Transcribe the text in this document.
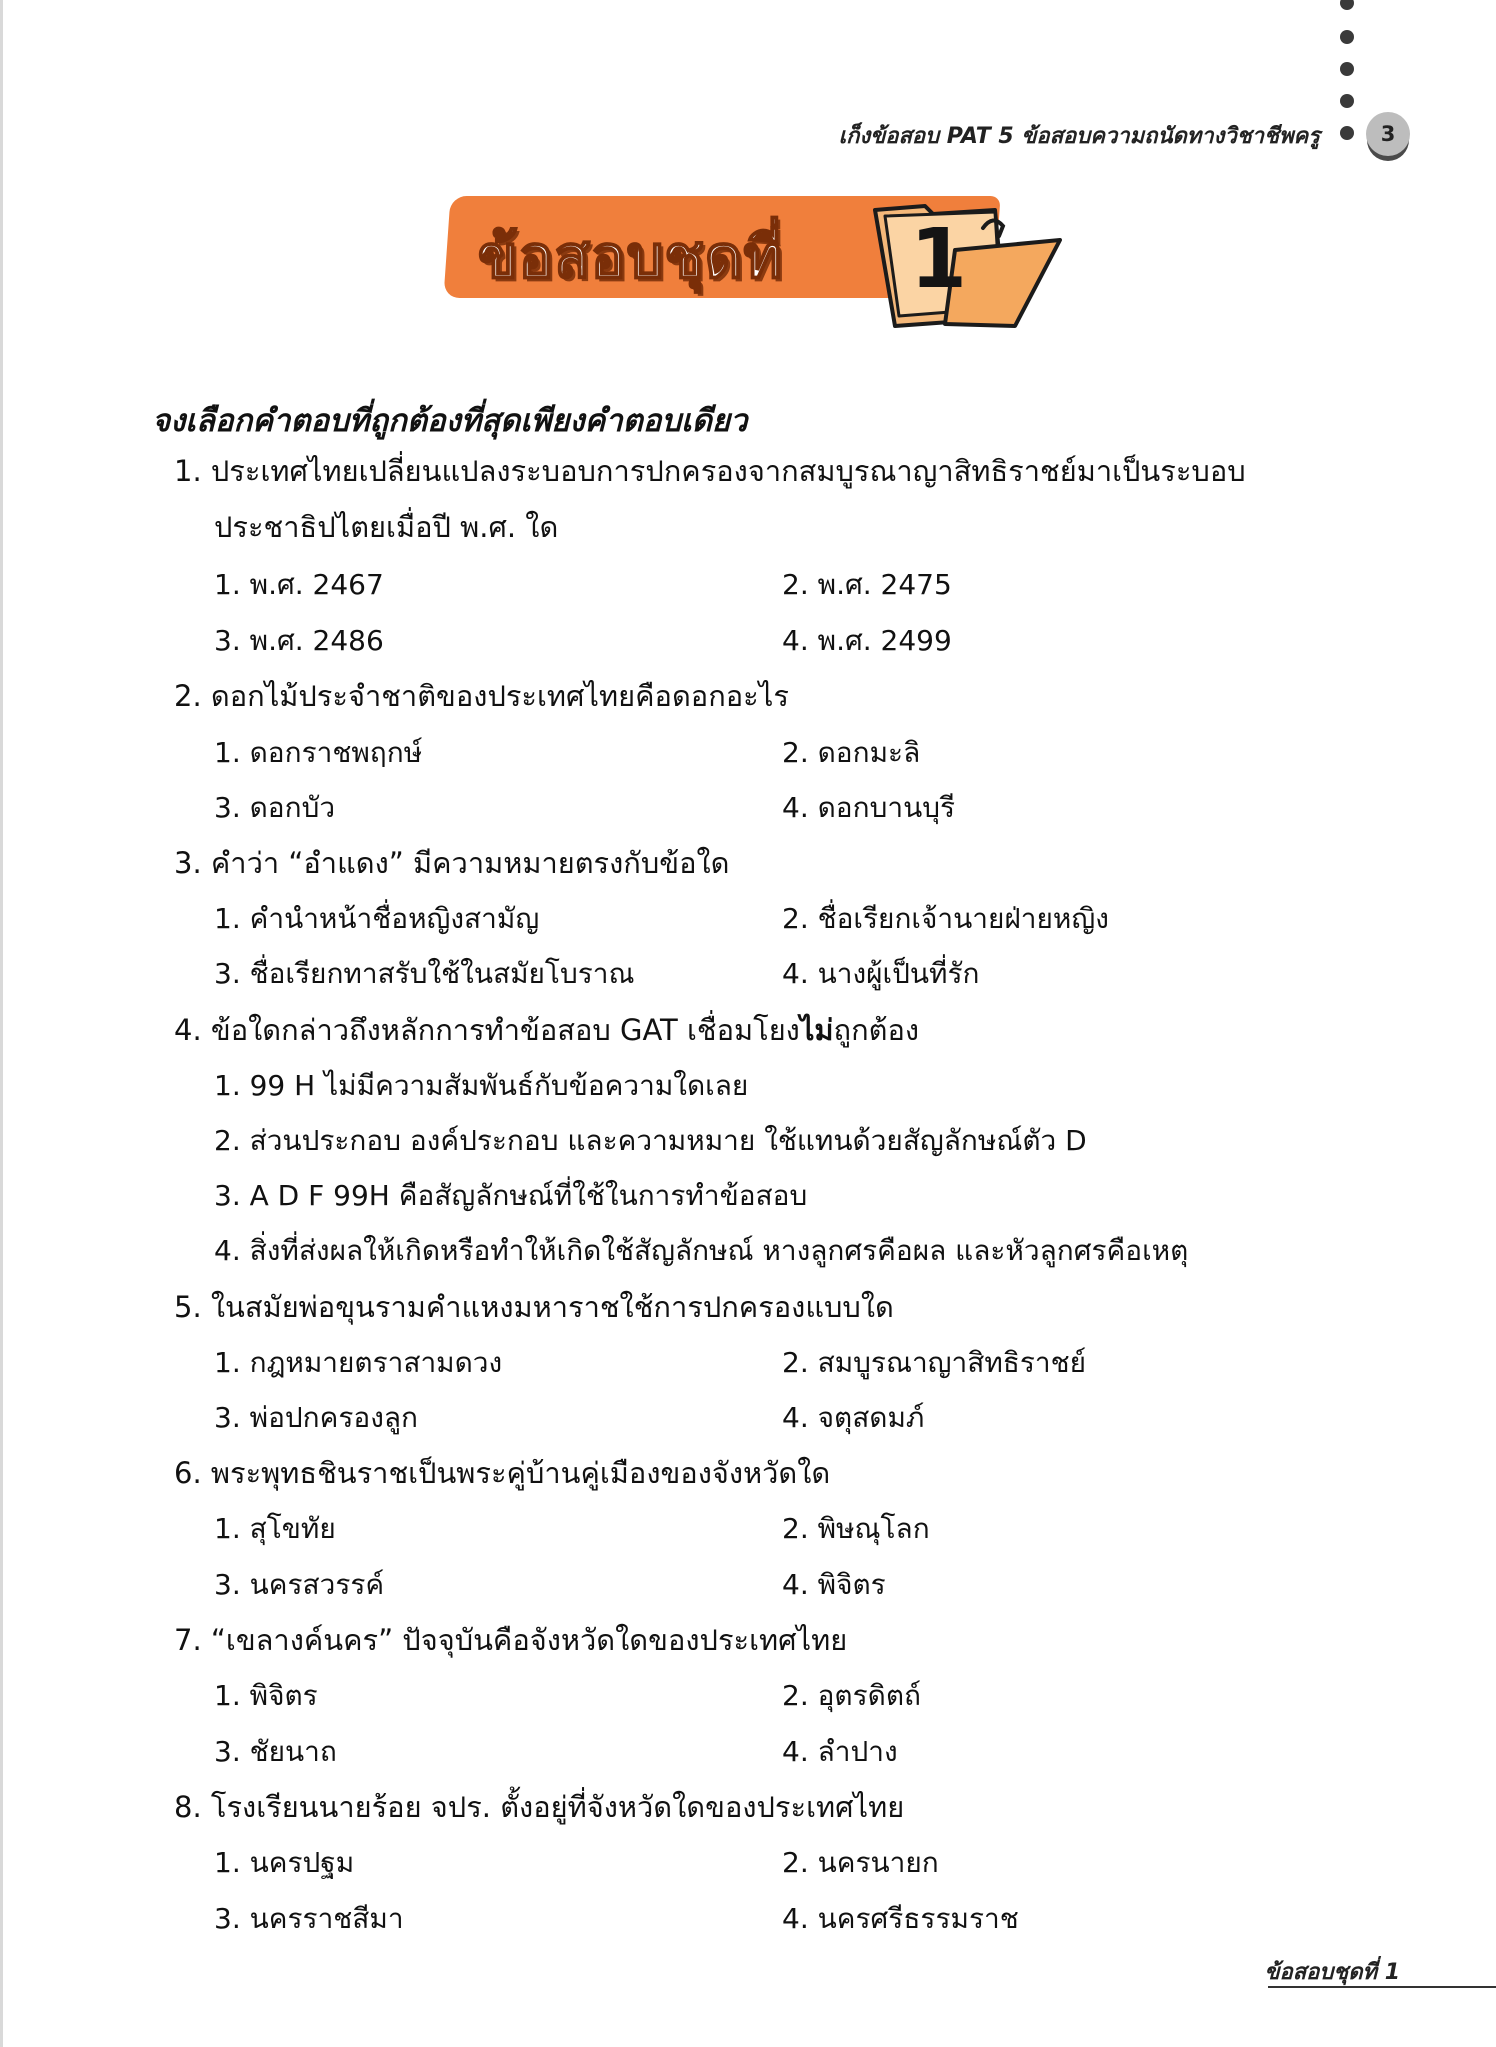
เก็งข้อสอบ PAT 5 ข้อสอบความถนัดทางวิชาชีพครู	3
ข้อสอบชุดที่ 1
จงเลือกคำตอบที่ถูกต้องที่สุดเพียงคำตอบเดียว
1. ประเทศไทยเปลี่ยนแปลงระบอบการปกครองจากสมบูรณาญาสิทธิราชย์มาเป็นระบอบ
ประชาธิปไตยเมื่อปี พ.ศ. ใด
1. พ.ศ. 2467	2. พ.ศ. 2475
3. พ.ศ. 2486	4. พ.ศ. 2499
2. ดอกไม้ประจำชาติของประเทศไทยคือดอกอะไร
1. ดอกราชพฤกษ์	2. ดอกมะลิ
3. ดอกบัว	4. ดอกบานบุรี
3. คำว่า “อำแดง” มีความหมายตรงกับข้อใด
1. คำนำหน้าชื่อหญิงสามัญ	2. ชื่อเรียกเจ้านายฝ่ายหญิง
3. ชื่อเรียกทาสรับใช้ในสมัยโบราณ	4. นางผู้เป็นที่รัก
4. ข้อใดกล่าวถึงหลักการทำข้อสอบ GAT เชื่อมโยงไม่ถูกต้อง
1. 99 H ไม่มีความสัมพันธ์กับข้อความใดเลย
2. ส่วนประกอบ องค์ประกอบ และความหมาย ใช้แทนด้วยสัญลักษณ์ตัว D
3. A D F 99H คือสัญลักษณ์ที่ใช้ในการทำข้อสอบ
4. สิ่งที่ส่งผลให้เกิดหรือทำให้เกิดใช้สัญลักษณ์ หางลูกศรคือผล และหัวลูกศรคือเหตุ
5. ในสมัยพ่อขุนรามคำแหงมหาราชใช้การปกครองแบบใด
1. กฎหมายตราสามดวง	2. สมบูรณาญาสิทธิราชย์
3. พ่อปกครองลูก	4. จตุสดมภ์
6. พระพุทธชินราชเป็นพระคู่บ้านคู่เมืองของจังหวัดใด
1. สุโขทัย	2. พิษณุโลก
3. นครสวรรค์	4. พิจิตร
7. “เขลางค์นคร” ปัจจุบันคือจังหวัดใดของประเทศไทย
1. พิจิตร	2. อุตรดิตถ์
3. ชัยนาถ	4. ลำปาง
8. โรงเรียนนายร้อย จปร. ตั้งอยู่ที่จังหวัดใดของประเทศไทย
1. นครปฐม	2. นครนายก
3. นครราชสีมา	4. นครศรีธรรมราช
ข้อสอบชุดที่ 1
